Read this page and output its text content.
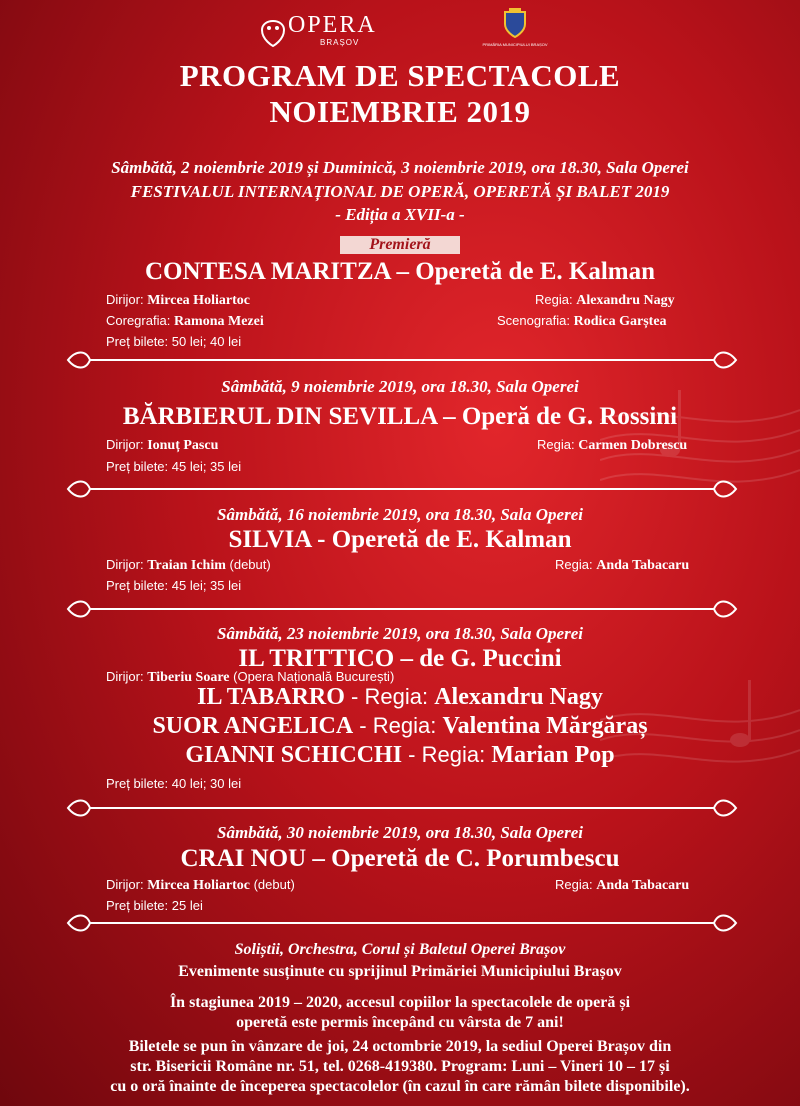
OPERA
BRAȘOV	PRIMĂRIA MUNICIPIULUI BRAȘOV
PROGRAM DE SPECTACOLE
NOIEMBRIE 2019
Sâmbătă, 2 noiembrie 2019 și Duminică, 3 noiembrie 2019, ora 18.30, Sala Operei
FESTIVALUL INTERNAȚIONAL DE OPERĂ, OPERETĂ ȘI BALET 2019
- Ediția a XVII-a -
Premieră
CONTESA MARITZA – Operetă de E. Kalman
Dirijor: Mircea Holiartoc	Regia: Alexandru Nagy
Coregrafia: Ramona Mezei	Scenografia: Rodica Garștea
Preț bilete: 50 lei; 40 lei
Sâmbătă, 9 noiembrie 2019, ora 18.30, Sala Operei
BĂRBIERUL DIN SEVILLA – Operă de G. Rossini
Dirijor: Ionuț Pascu	Regia: Carmen Dobrescu
Preț bilete: 45 lei; 35 lei
Sâmbătă, 16 noiembrie 2019, ora 18.30, Sala Operei
SILVIA - Operetă de E. Kalman
Dirijor: Traian Ichim (debut)	Regia: Anda Tabacaru
Preț bilete: 45 lei; 35 lei
Sâmbătă, 23 noiembrie 2019, ora 18.30, Sala Operei
IL TRITTICO – de G. Puccini
Dirijor: Tiberiu Soare (Opera Națională București)
IL TABARRO - Regia: Alexandru Nagy
SUOR ANGELICA - Regia: Valentina Mărgăraș
GIANNI SCHICCHI - Regia: Marian Pop
Preț bilete: 40 lei; 30 lei
Sâmbătă, 30 noiembrie 2019, ora 18.30, Sala Operei
CRAI NOU – Operetă de C. Porumbescu
Dirijor: Mircea Holiartoc (debut)	Regia: Anda Tabacaru
Preț bilete: 25 lei
Soliștii, Orchestra, Corul și Baletul Operei Brașov
Evenimente susținute cu sprijinul Primăriei Municipiului Brașov
În stagiunea 2019 – 2020, accesul copiilor la spectacolele de operă și
operetă este permis începând cu vârsta de 7 ani!
Biletele se pun în vânzare de joi, 24 octombrie 2019, la sediul Operei Brașov din
str. Bisericii Române nr. 51, tel. 0268-419380. Program: Luni – Vineri 10 – 17 și
cu o oră înainte de începerea spectacolelor (în cazul în care rămân bilete disponibile).
